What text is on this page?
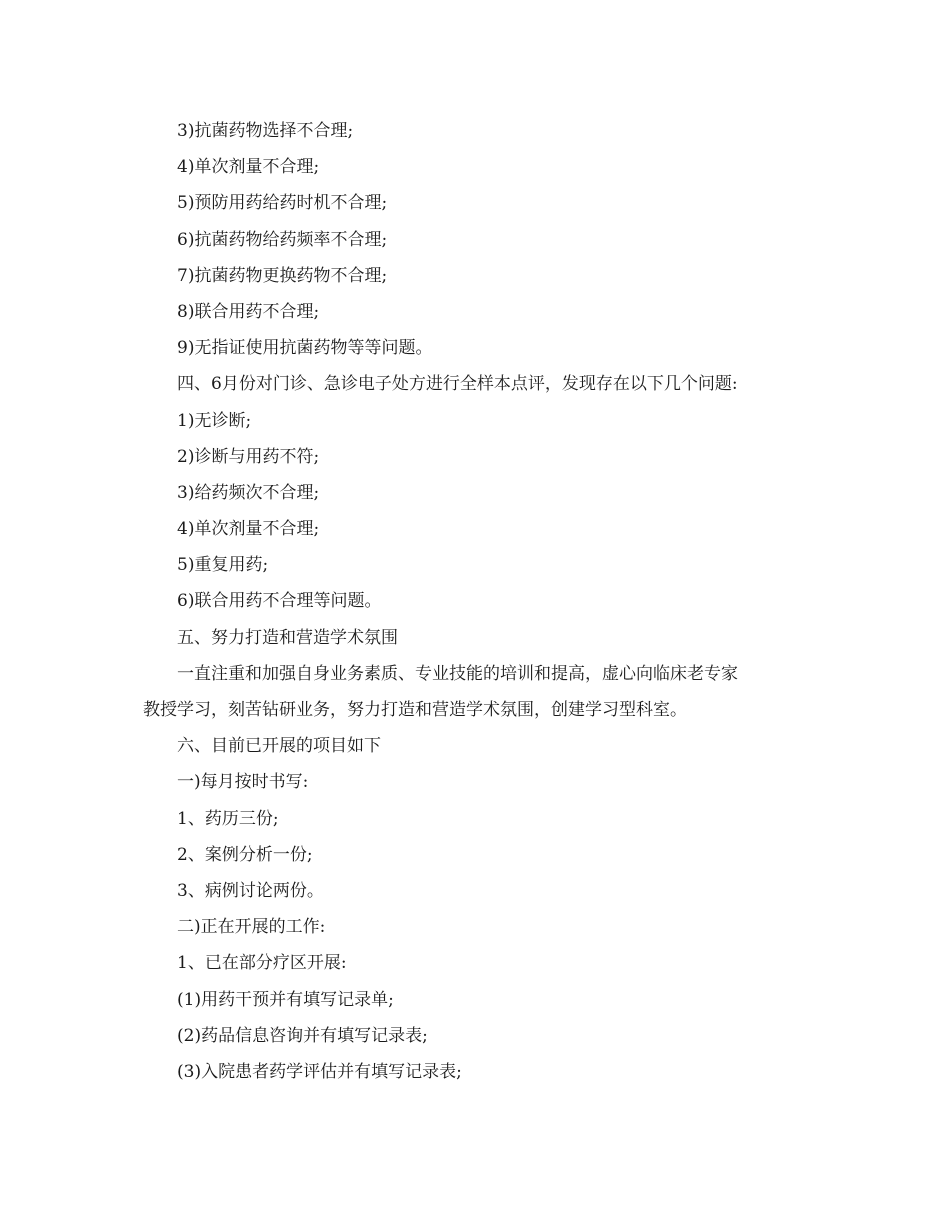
3)抗菌药物选择不合理;
4)单次剂量不合理;
5)预防用药给药时机不合理;
6)抗菌药物给药频率不合理;
7)抗菌药物更换药物不合理;
8)联合用药不合理;
9)无指证使用抗菌药物等等问题。
四、6月份对门诊、急诊电子处方进行全样本点评，发现存在以下几个问题:
1)无诊断;
2)诊断与用药不符;
3)给药频次不合理;
4)单次剂量不合理;
5)重复用药;
6)联合用药不合理等问题。
五、努力打造和营造学术氛围
一直注重和加强自身业务素质、专业技能的培训和提高，虚心向临床老专家
教授学习，刻苦钻研业务，努力打造和营造学术氛围，创建学习型科室。
六、目前已开展的项目如下
一)每月按时书写:
1、药历三份;
2、案例分析一份;
3、病例讨论两份。
二)正在开展的工作:
1、已在部分疗区开展:
(1)用药干预并有填写记录单;
(2)药品信息咨询并有填写记录表;
(3)入院患者药学评估并有填写记录表;
